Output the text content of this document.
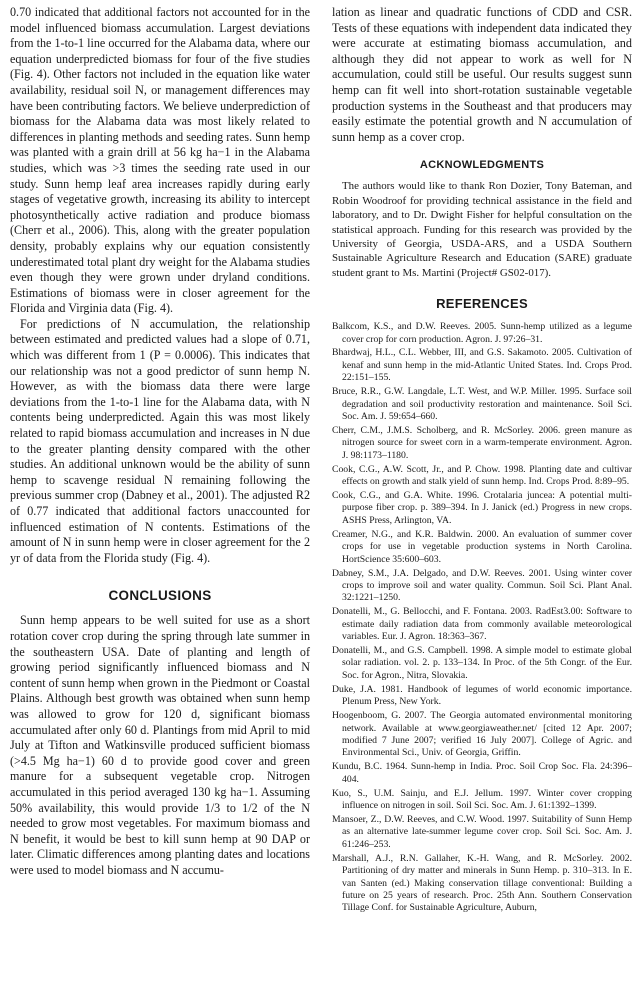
0.70 indicated that additional factors not accounted for in the model influenced biomass accumulation. Largest deviations from the 1-to-1 line occurred for the Alabama data, where our equation underpredicted biomass for four of the five studies (Fig. 4). Other factors not included in the equation like water availability, residual soil N, or management differences may have been contributing factors. We believe underprediction of biomass for the Alabama data was most likely related to differences in planting methods and seeding rates. Sunn hemp was planted with a grain drill at 56 kg ha−1 in the Alabama studies, which was >3 times the seeding rate used in our study. Sunn hemp leaf area increases rapidly during early stages of vegetative growth, increasing its ability to intercept photosynthetically active radiation and produce biomass (Cherr et al., 2006). This, along with the greater population density, probably explains why our equation consistently underestimated total plant dry weight for the Alabama studies even though they were grown under dryland conditions. Estimations of biomass were in closer agreement for the Florida and Virginia data (Fig. 4).

For predictions of N accumulation, the relationship between estimated and predicted values had a slope of 0.71, which was different from 1 (P = 0.0006). This indicates that our relationship was not a good predictor of sunn hemp N. However, as with the biomass data there were large deviations from the 1-to-1 line for the Alabama data, with N contents being underpredicted. Again this was most likely related to rapid biomass accumulation and increases in N due to the greater planting density compared with the other studies. An additional unknown would be the ability of sunn hemp to scavenge residual N remaining following the previous summer crop (Dabney et al., 2001). The adjusted R2 of 0.77 indicated that additional factors unaccounted for influenced estimation of N contents. Estimations of the amount of N in sunn hemp were in closer agreement for the 2 yr of data from the Florida study (Fig. 4).

CONCLUSIONS

Sunn hemp appears to be well suited for use as a short rotation cover crop during the spring through late summer in the southeastern USA. Date of planting and length of growing period significantly influenced biomass and N content of sunn hemp when grown in the Piedmont or Coastal Plains. Although best growth was obtained when sunn hemp was allowed to grow for 120 d, significant biomass accumulated after only 60 d. Plantings from mid April to mid July at Tifton and Watkinsville produced sufficient biomass (>4.5 Mg ha−1) 60 d to provide good cover and green manure for a subsequent vegetable crop. Nitrogen accumulated in this period averaged 130 kg ha−1. Assuming 50% availability, this would provide 1/3 to 1/2 of the N needed to grow most vegetables. For maximum biomass and N benefit, it would be best to kill sunn hemp at 90 DAP or later. Climatic differences among planting dates and locations were used to model biomass and N accumu-

lation as linear and quadratic functions of CDD and CSR. Tests of these equations with independent data indicated they were accurate at estimating biomass accumulation, and although they did not appear to work as well for N accumulation, could still be useful. Our results suggest sunn hemp can fit well into short-rotation sustainable vegetable production systems in the Southeast and that producers may easily estimate the potential growth and N accumulation of sunn hemp as a cover crop.

ACKNOWLEDGMENTS

The authors would like to thank Ron Dozier, Tony Bateman, and Robin Woodroof for providing technical assistance in the field and laboratory, and to Dr. Dwight Fisher for helpful consultation on the statistical approach. Funding for this research was provided by the University of Georgia, USDA-ARS, and a USDA Southern Sustainable Agriculture Research and Education (SARE) graduate student grant to Ms. Martini (Project# GS02-017).

REFERENCES

Balkcom, K.S., and D.W. Reeves. 2005. Sunn-hemp utilized as a legume cover crop for corn production. Agron. J. 97:26–31.

Bhardwaj, H.L., C.L. Webber, III, and G.S. Sakamoto. 2005. Cultivation of kenaf and sunn hemp in the mid-Atlantic United States. Ind. Crops Prod. 22:151–155.

Bruce, R.R., G.W. Langdale, L.T. West, and W.P. Miller. 1995. Surface soil degradation and soil productivity restoration and maintenance. Soil Sci. Soc. Am. J. 59:654–660.

Cherr, C.M., J.M.S. Scholberg, and R. McSorley. 2006. green manure as nitrogen source for sweet corn in a warm-temperate environment. Agron. J. 98:1173–1180.

Cook, C.G., A.W. Scott, Jr., and P. Chow. 1998. Planting date and cultivar effects on growth and stalk yield of sunn hemp. Ind. Crops Prod. 8:89–95.

Cook, C.G., and G.A. White. 1996. Crotalaria juncea: A potential multi-purpose fiber crop. p. 389–394. In J. Janick (ed.) Progress in new crops. ASHS Press, Arlington, VA.

Creamer, N.G., and K.R. Baldwin. 2000. An evaluation of summer cover crops for use in vegetable production systems in North Carolina. HortScience 35:600–603.

Dabney, S.M., J.A. Delgado, and D.W. Reeves. 2001. Using winter cover crops to improve soil and water quality. Commun. Soil Sci. Plant Anal. 32:1221–1250.

Donatelli, M., G. Bellocchi, and F. Fontana. 2003. RadEst3.00: Software to estimate daily radiation data from commonly available meteorological variables. Eur. J. Agron. 18:363–367.

Donatelli, M., and G.S. Campbell. 1998. A simple model to estimate global solar radiation. vol. 2. p. 133–134. In Proc. of the 5th Congr. of the Eur. Soc. for Agron., Nitra, Slovakia.

Duke, J.A. 1981. Handbook of legumes of world economic importance. Plenum Press, New York.

Hoogenboom, G. 2007. The Georgia automated environmental monitoring network. Available at www.georgiaweather.net/ [cited 12 Apr. 2007; modified 7 June 2007; verified 16 July 2007]. College of Agric. and Environmental Sci., Univ. of Georgia, Griffin.

Kundu, B.C. 1964. Sunn-hemp in India. Proc. Soil Crop Soc. Fla. 24:396–404.

Kuo, S., U.M. Sainju, and E.J. Jellum. 1997. Winter cover cropping influence on nitrogen in soil. Soil Sci. Soc. Am. J. 61:1392–1399.

Mansoer, Z., D.W. Reeves, and C.W. Wood. 1997. Suitability of Sunn Hemp as an alternative late-summer legume cover crop. Soil Sci. Soc. Am. J. 61:246–253.

Marshall, A.J., R.N. Gallaher, K.-H. Wang, and R. McSorley. 2002. Partitioning of dry matter and minerals in Sunn Hemp. p. 310–313. In E. van Santen (ed.) Making conservation tillage conventional: Building a future on 25 years of research. Proc. 25th Ann. Southern Conservation Tillage Conf. for Sustainable Agriculture, Auburn,
